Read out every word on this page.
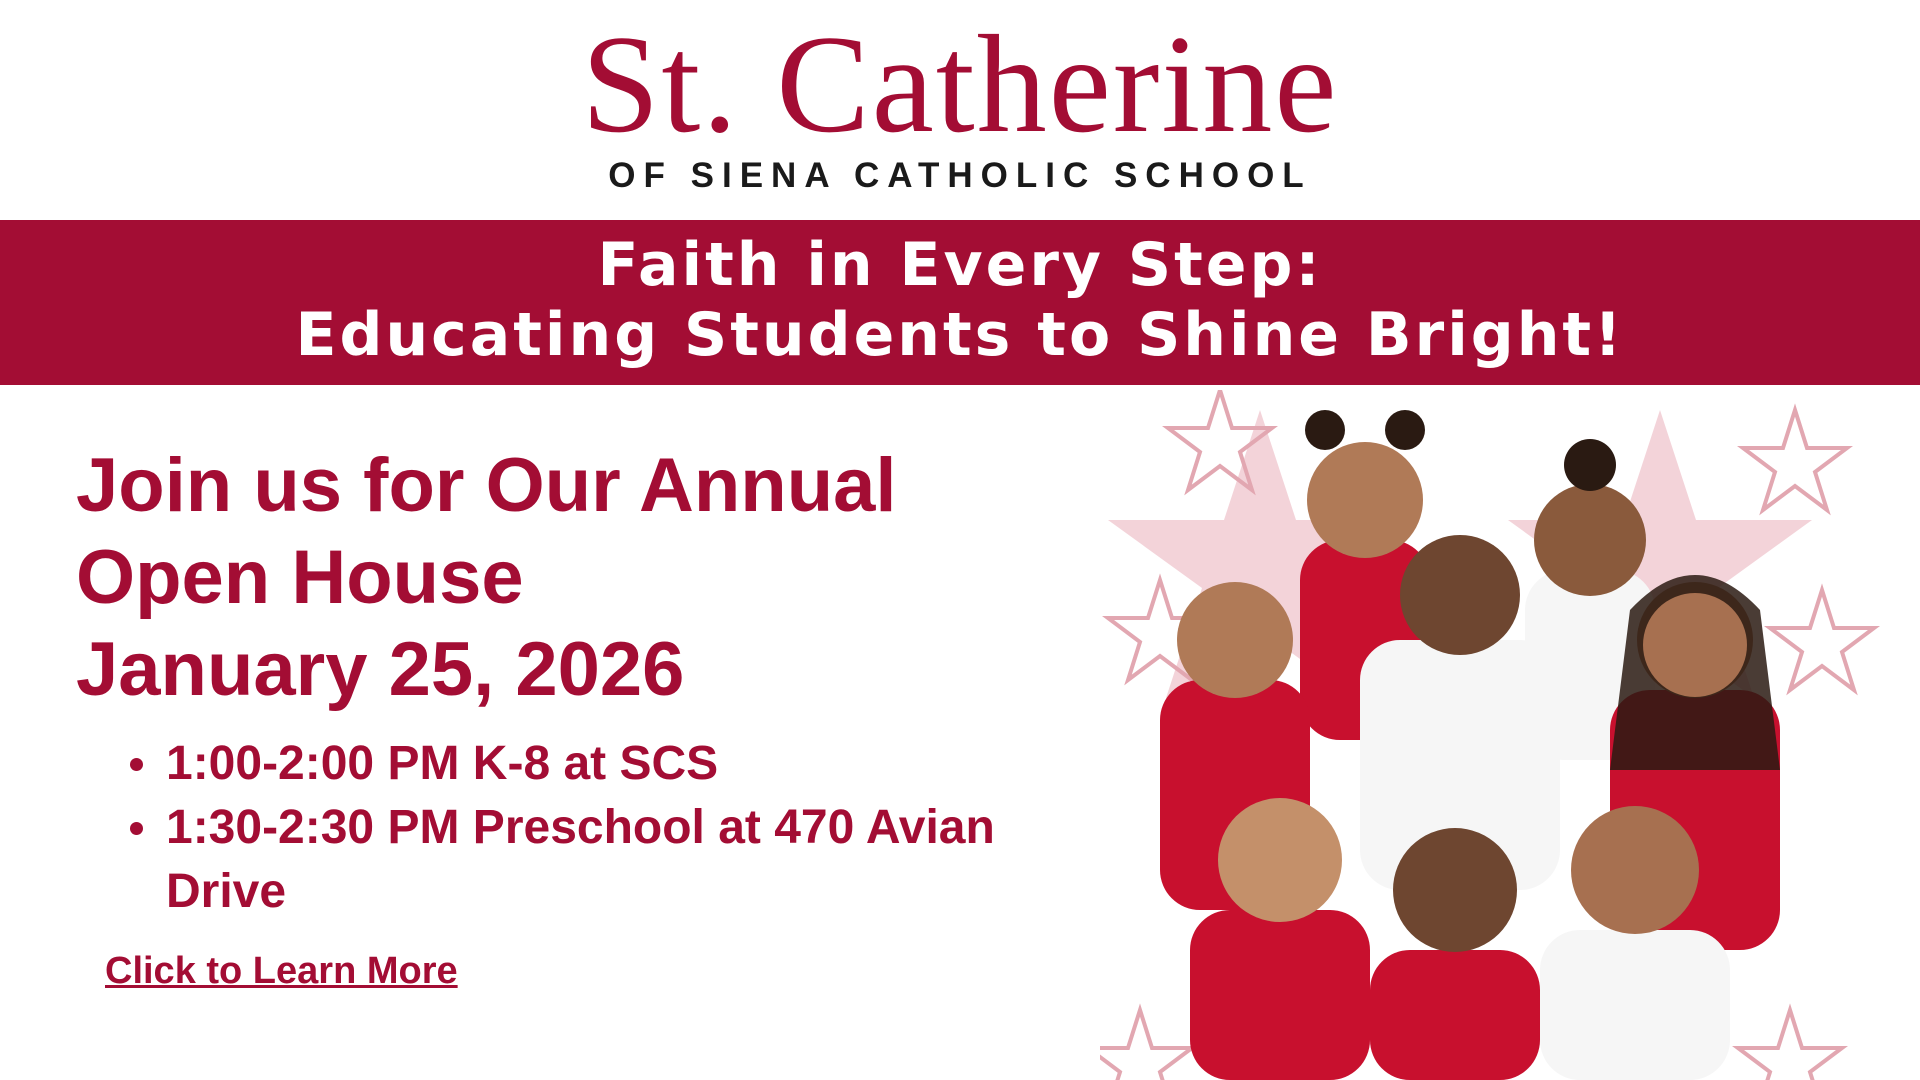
St. Catherine
OF SIENA CATHOLIC SCHOOL
Faith in Every Step:
Educating Students to Shine Bright!
Join us for Our Annual
Open House
January 25, 2026
1:00-2:00 PM K-8 at SCS
1:30-2:30 PM Preschool at 470 Avian Drive
Click to Learn More
